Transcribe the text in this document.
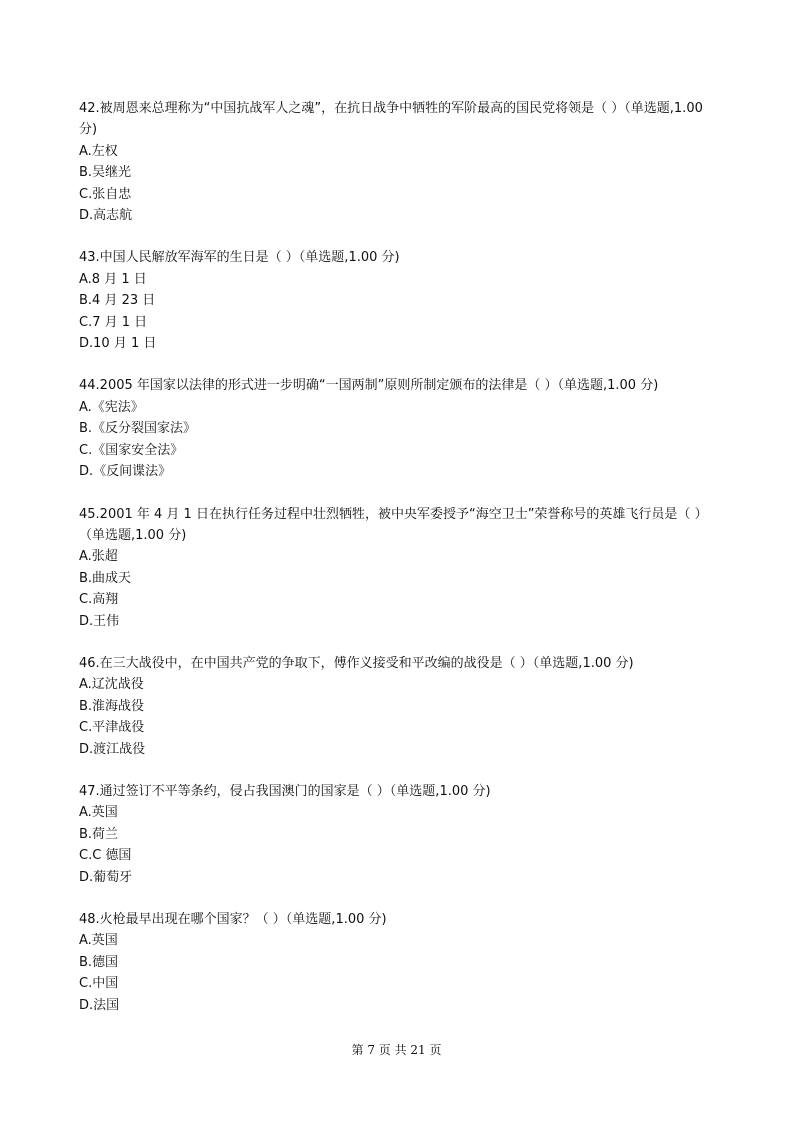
42.被周恩来总理称为“中国抗战军人之魂”，在抗日战争中牺牲的军阶最高的国民党将领是（ ）（单选题,1.00 分)

A.左权

B.吴继光

C.张自忠

D.高志航

43.中国人民解放军海军的生日是（ ）（单选题,1.00 分)

A.8 月 1 日

B.4 月 23 日

C.7 月 1 日

D.10 月 1 日

44.2005 年国家以法律的形式进一步明确“一国两制”原则所制定颁布的法律是（ ）（单选题,1.00 分)

A.《宪法》

B.《反分裂国家法》

C.《国家安全法》

D.《反间谍法》

45.2001 年 4 月 1 日在执行任务过程中壮烈牺牲，被中央军委授予“海空卫士”荣誉称号的英雄飞行员是（ ）（单选题,1.00 分)

A.张超

B.曲成天

C.高翔

D.王伟

46.在三大战役中，在中国共产党的争取下，傅作义接受和平改编的战役是（ ）（单选题,1.00 分)

A.辽沈战役

B.淮海战役

C.平津战役

D.渡江战役

47.通过签订不平等条约，侵占我国澳门的国家是（ ）（单选题,1.00 分)

A.英国

B.荷兰

C.C 德国

D.葡萄牙

48.火枪最早出现在哪个国家？（ ）（单选题,1.00 分)

A.英国

B.德国

C.中国

D.法国

第 7 页 共 21 页
